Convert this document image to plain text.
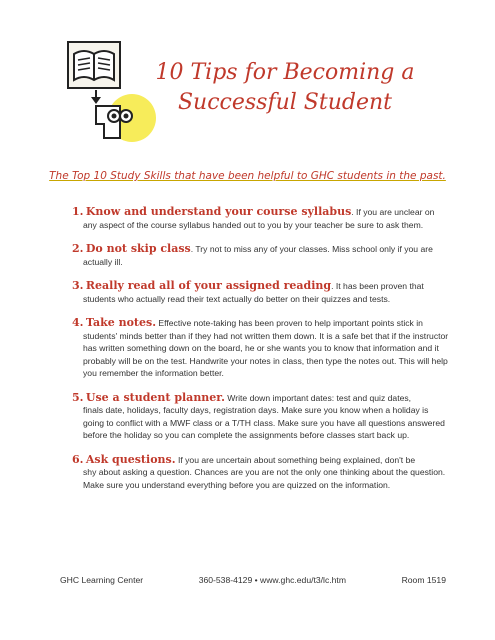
10 Tips for Becoming a
Successful Student
The Top 10 Study Skills that have been helpful to GHC students in the past.
1. Know and understand your course syllabus. If you are unclear on
any aspect of the course syllabus handed out to you by your teacher be sure to ask them.
2. Do not skip class. Try not to miss any of your classes. Miss school only if you are
actually ill.
3. Really read all of your assigned reading. It has been proven that
students who actually read their text actually do better on their quizzes and tests.
4. Take notes. Effective note-taking has been proven to help important points stick in
students' minds better than if they had not written them down. It is a safe bet that if the instructor has written something down on the board, he or she wants you to know that information and it probably will be on the test. Handwrite your notes in class, then type the notes out. This will help you remember the information better.
5. Use a student planner. Write down important dates: test and quiz dates,
finals date, holidays, faculty days, registration days. Make sure you know when a holiday is going to conflict with a MWF class or a T/TH class. Make sure you have all questions answered before the holiday so you can complete the assignments before classes start back up.
6. Ask questions. If you are uncertain about something being explained, don't be
shy about asking a question. Chances are you are not the only one thinking about the question. Make sure you understand everything before you are quizzed on the information.
GHC Learning Center	360-538-4129 • www.ghc.edu/t3/lc.htm	Room 1519
